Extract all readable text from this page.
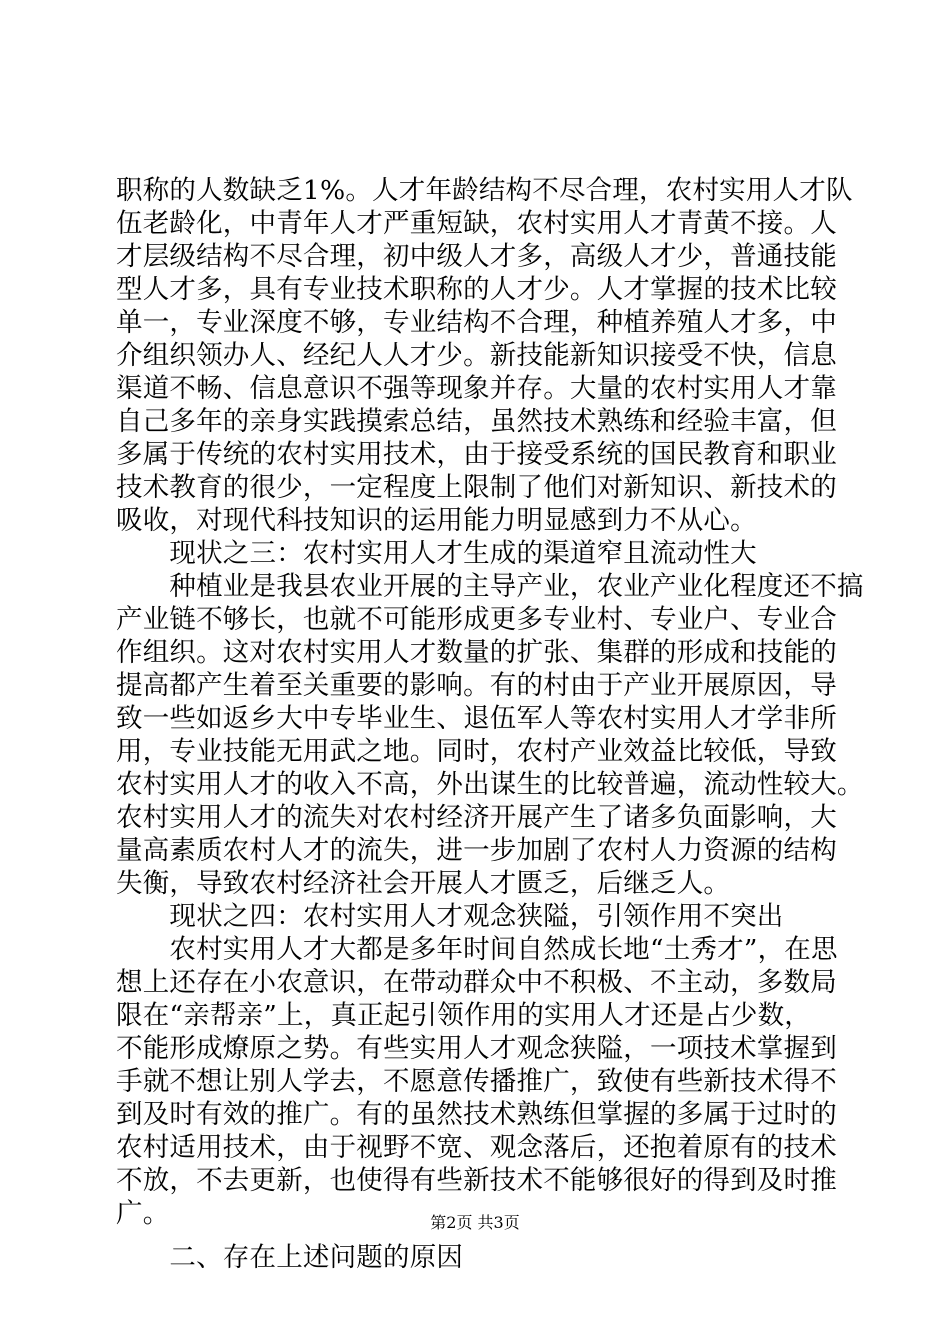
职称的人数缺乏1%。人才年龄结构不尽合理，农村实用人才队
伍老龄化，中青年人才严重短缺，农村实用人才青黄不接。人
才层级结构不尽合理，初中级人才多，高级人才少，普通技能
型人才多，具有专业技术职称的人才少。人才掌握的技术比较
单一，专业深度不够，专业结构不合理，种植养殖人才多，中
介组织领办人、经纪人人才少。新技能新知识接受不快，信息
渠道不畅、信息意识不强等现象并存。大量的农村实用人才靠
自己多年的亲身实践摸索总结，虽然技术熟练和经验丰富，但
多属于传统的农村实用技术，由于接受系统的国民教育和职业
技术教育的很少，一定程度上限制了他们对新知识、新技术的
吸收，对现代科技知识的运用能力明显感到力不从心。
　　现状之三：农村实用人才生成的渠道窄且流动性大
　　种植业是我县农业开展的主导产业，农业产业化程度还不搞
产业链不够长，也就不可能形成更多专业村、专业户、专业合
作组织。这对农村实用人才数量的扩张、集群的形成和技能的
提高都产生着至关重要的影响。有的村由于产业开展原因，导
致一些如返乡大中专毕业生、退伍军人等农村实用人才学非所
用，专业技能无用武之地。同时，农村产业效益比较低，导致
农村实用人才的收入不高，外出谋生的比较普遍，流动性较大。
农村实用人才的流失对农村经济开展产生了诸多负面影响，大
量高素质农村人才的流失，进一步加剧了农村人力资源的结构
失衡，导致农村经济社会开展人才匮乏，后继乏人。
　　现状之四：农村实用人才观念狭隘，引领作用不突出
　　农村实用人才大都是多年时间自然成长地“土秀才”，在思
想上还存在小农意识，在带动群众中不积极、不主动，多数局
限在“亲帮亲”上，真正起引领作用的实用人才还是占少数，
不能形成燎原之势。有些实用人才观念狭隘，一项技术掌握到
手就不想让别人学去，不愿意传播推广，致使有些新技术得不
到及时有效的推广。有的虽然技术熟练但掌握的多属于过时的
农村适用技术，由于视野不宽、观念落后，还抱着原有的技术
不放，不去更新，也使得有些新技术不能够很好的得到及时推
广。
　　二、存在上述问题的原因
第2页 共3页
